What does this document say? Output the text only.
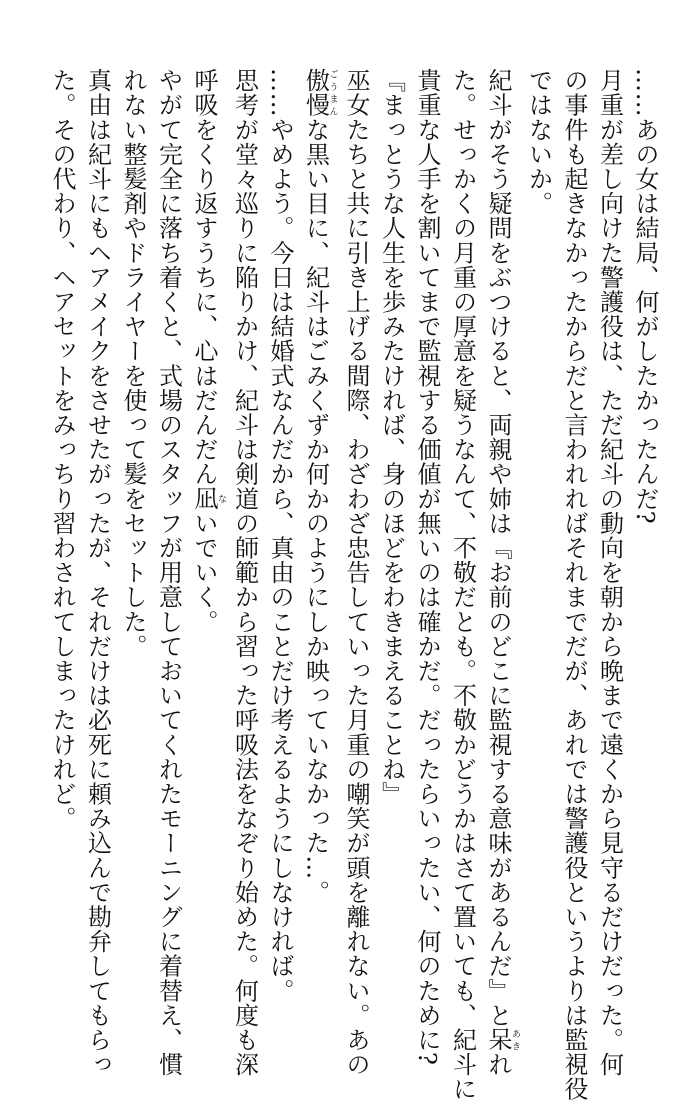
……あの女は結局、何がしたかったんだ?
月重が差し向けた警護役は、ただ紀斗の動向を朝から晩まで遠くから見守るだけだった。何
の事件も起きなかったからだと言われればそれまでだが、あれでは警護役というよりは監視役
ではないか。
紀斗がそう疑問をぶつけると、両親や姉は『お前のどこに監視する意味があるんだ』と呆あきれ
た。せっかくの月重の厚意を疑うなんて、不敬だとも。不敬かどうかはさて置いても、紀斗に
貴重な人手を割いてまで監視する価値が無いのは確かだ。だったらいったい、何のために?
『まっとうな人生を歩みたければ、身のほどをわきまえることね』
巫女たちと共に引き上げる間際、わざわざ忠告していった月重の嘲笑が頭を離れない。あの
傲慢ごうまんな黒い目に、紀斗はごみくずか何かのようにしか映っていなかった…。
……やめよう。今日は結婚式なんだから、真由のことだけ考えるようにしなければ。
思考が堂々巡りに陥りかけ、紀斗は剣道の師範から習った呼吸法をなぞり始めた。何度も深
呼吸をくり返すうちに、心はだんだん凪ないでいく。
やがて完全に落ち着くと、式場のスタッフが用意しておいてくれたモーニングに着替え、慣
れない整髪剤やドライヤーを使って髪をセットした。
真由は紀斗にもヘアメイクをさせたがったが、それだけは必死に頼み込んで勘弁してもらっ
た。その代わり、ヘアセットをみっちり習わされてしまったけれど。
